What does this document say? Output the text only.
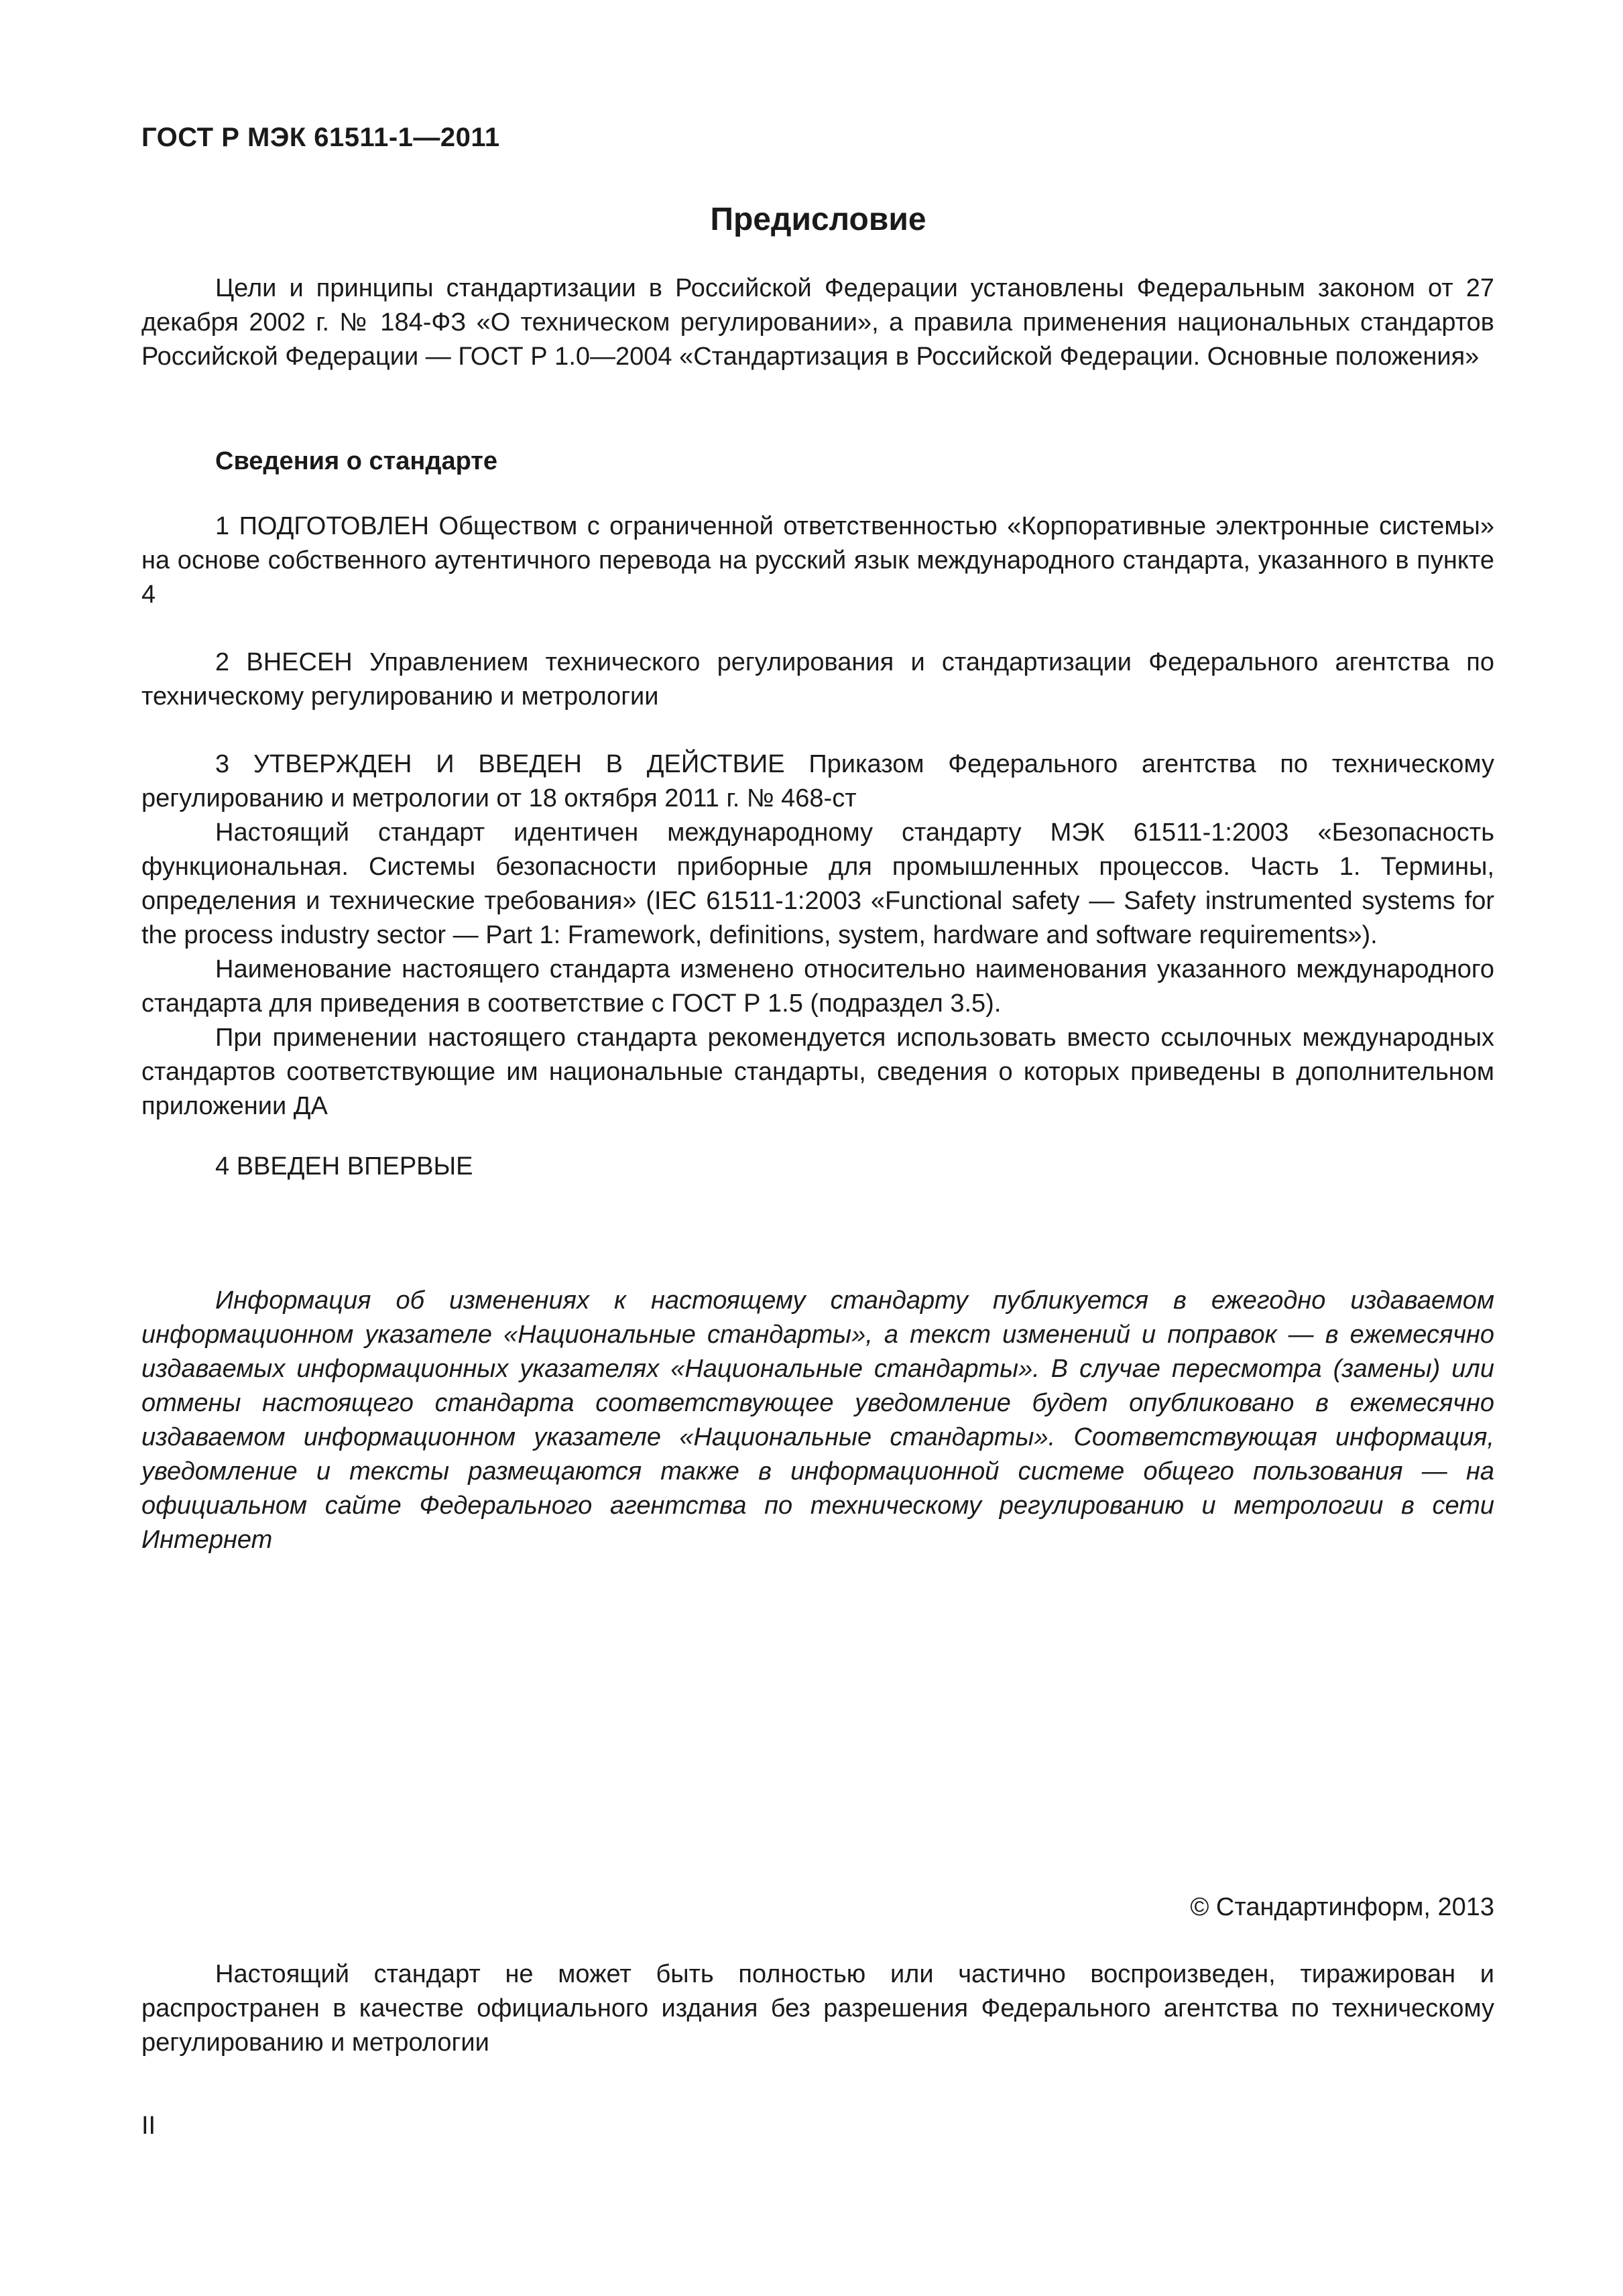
ГОСТ Р МЭК 61511-1—2011
Предисловие

Цели и принципы стандартизации в Российской Федерации установлены Федеральным законом от 27 декабря 2002 г. № 184-ФЗ «О техническом регулировании», а правила применения национальных стандартов Российской Федерации — ГОСТ Р 1.0—2004 «Стандартизация в Российской Федерации. Основные положения»

Сведения о стандарте

1 ПОДГОТОВЛЕН Обществом с ограниченной ответственностью «Корпоративные электронные системы» на основе собственного аутентичного перевода на русский язык международного стандарта, указанного в пункте 4

2 ВНЕСЕН Управлением технического регулирования и стандартизации Федерального агентства по техническому регулированию и метрологии

3 УТВЕРЖДЕН И ВВЕДЕН В ДЕЙСТВИЕ Приказом Федерального агентства по техническому регулированию и метрологии от 18 октября 2011 г. № 468-ст

Настоящий стандарт идентичен международному стандарту МЭК 61511-1:2003 «Безопасность функциональная. Системы безопасности приборные для промышленных процессов. Часть 1. Термины, определения и технические требования» (IEC 61511-1:2003 «Functional safety — Safety instrumented systems for the process industry sector — Part 1: Framework, definitions, system, hardware and software requirements»).

Наименование настоящего стандарта изменено относительно наименования указанного международного стандарта для приведения в соответствие с ГОСТ Р 1.5 (подраздел 3.5).

При применении настоящего стандарта рекомендуется использовать вместо ссылочных международных стандартов соответствующие им национальные стандарты, сведения о которых приведены в дополнительном приложении ДА

4 ВВЕДЕН ВПЕРВЫЕ

Информация об изменениях к настоящему стандарту публикуется в ежегодно издаваемом информационном указателе «Национальные стандарты», а текст изменений и поправок — в ежемесячно издаваемых информационных указателях «Национальные стандарты». В случае пересмотра (замены) или отмены настоящего стандарта соответствующее уведомление будет опубликовано в ежемесячно издаваемом информационном указателе «Национальные стандарты». Соответствующая информация, уведомление и тексты размещаются также в информационной системе общего пользования — на официальном сайте Федерального агентства по техническому регулированию и метрологии в сети Интернет

© Стандартинформ, 2013

Настоящий стандарт не может быть полностью или частично воспроизведен, тиражирован и распространен в качестве официального издания без разрешения Федерального агентства по техническому регулированию и метрологии

II
